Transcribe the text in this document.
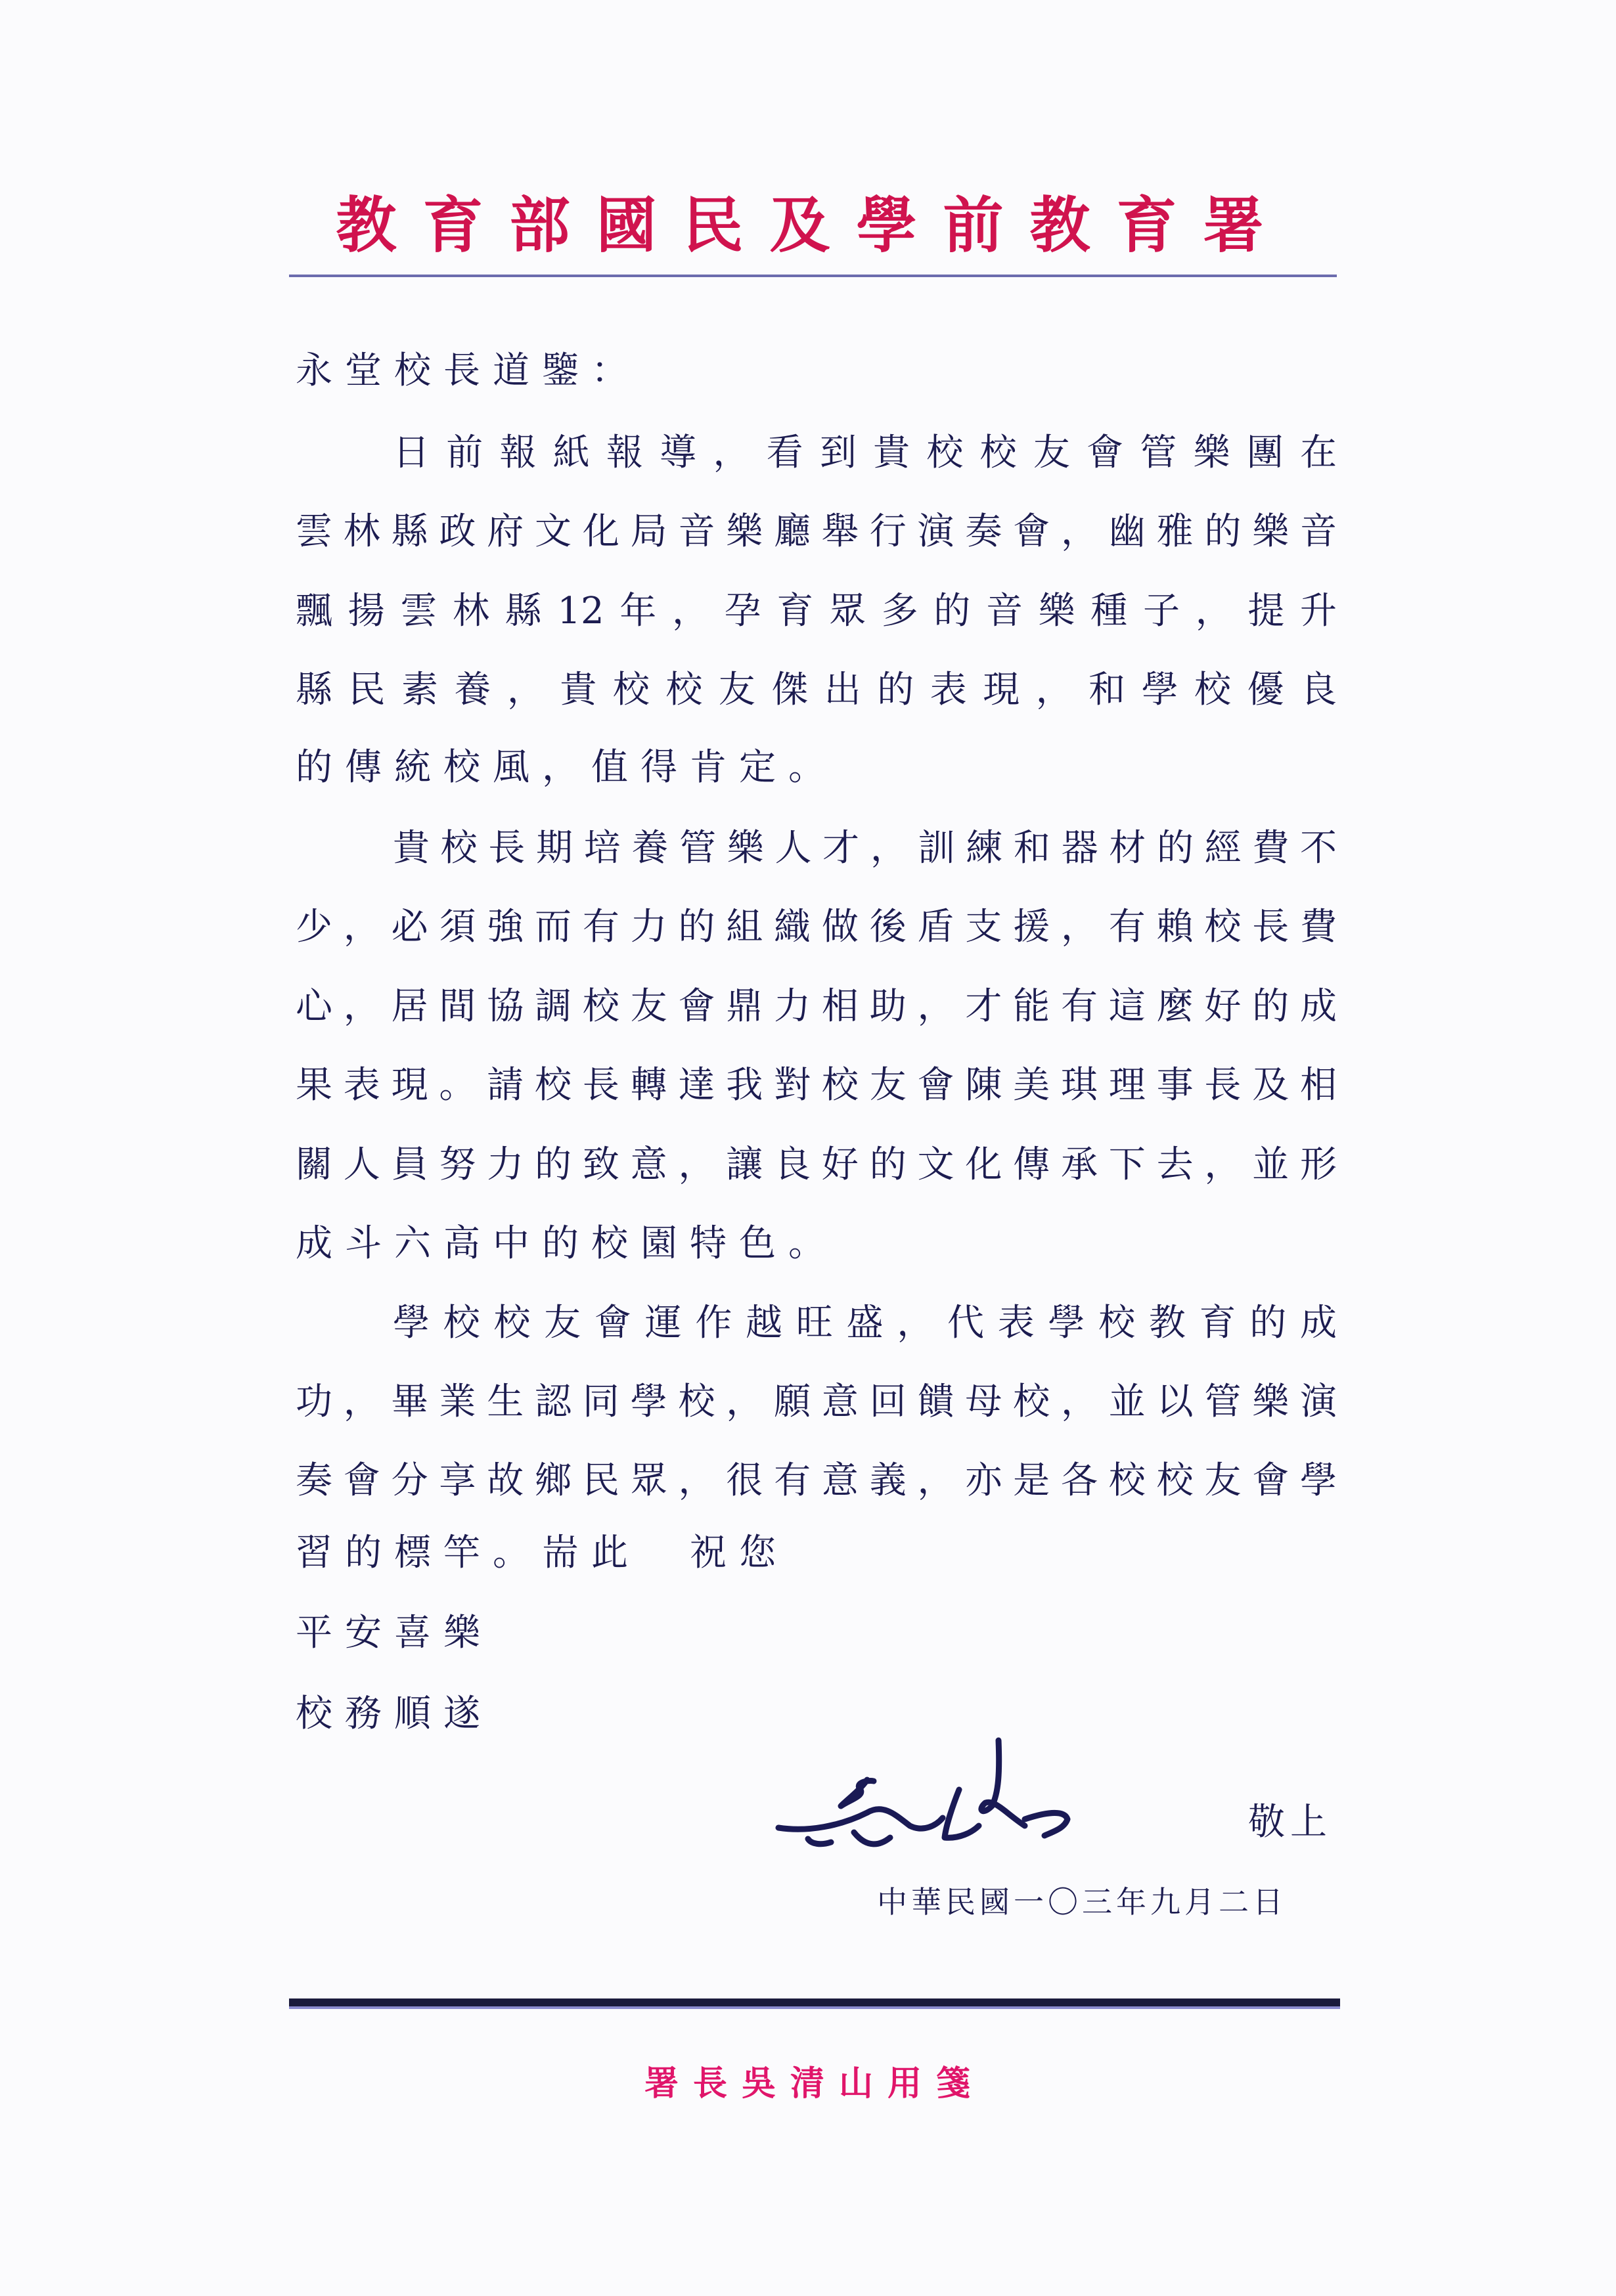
教育部國民及學前教育署
永堂校長道鑒：
日前報紙報導，看到貴校校友會管樂團在
雲林縣政府文化局音樂廳舉行演奏會，幽雅的樂音
飄揚雲林縣12年，孕育眾多的音樂種子，提升
縣民素養，貴校校友傑出的表現，和學校優良
的傳統校風，值得肯定。
貴校長期培養管樂人才，訓練和器材的經費不
少，必須強而有力的組織做後盾支援，有賴校長費
心，居間協調校友會鼎力相助，才能有這麼好的成
果表現。請校長轉達我對校友會陳美琪理事長及相
關人員努力的致意，讓良好的文化傳承下去，並形
成斗六高中的校園特色。
學校校友會運作越旺盛，代表學校教育的成
功，畢業生認同學校，願意回饋母校，並以管樂演
奏會分享故鄉民眾，很有意義，亦是各校校友會學
習的標竿。耑此　祝您
平安喜樂
校務順遂
敬上
中華民國一〇三年九月二日
署長吳清山用箋
